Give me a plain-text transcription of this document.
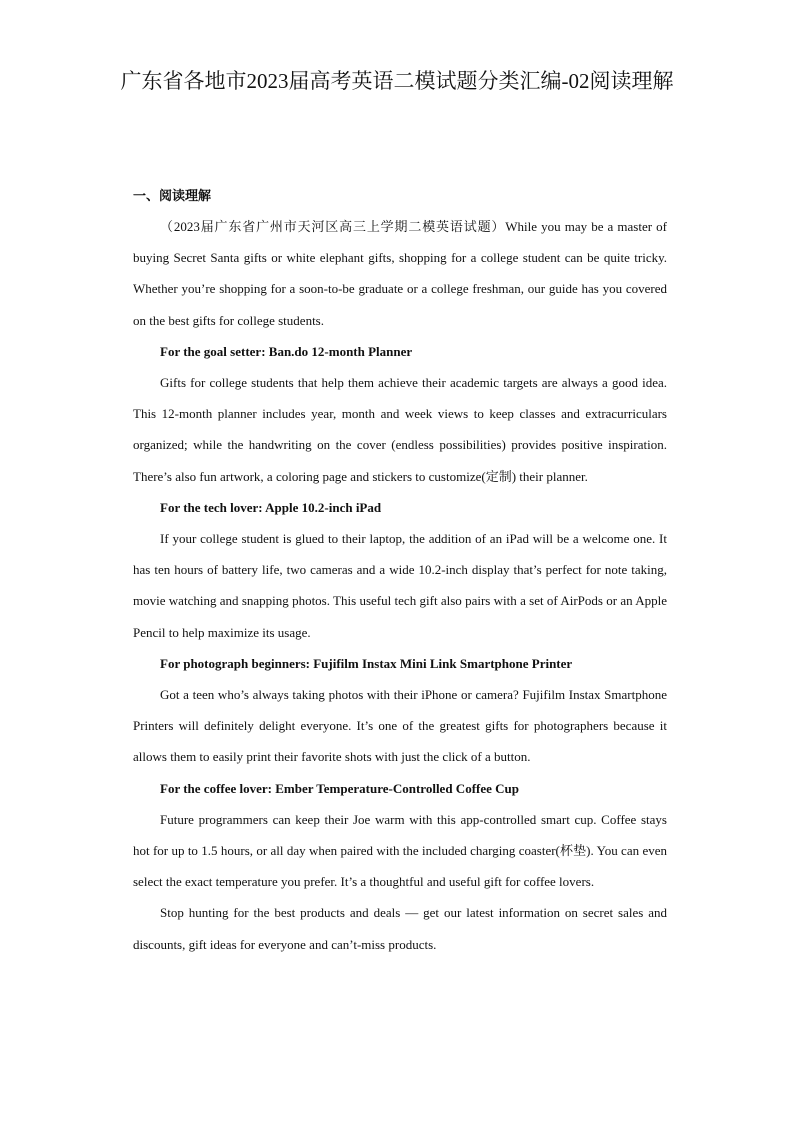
广东省各地市2023届高考英语二模试题分类汇编-02阅读理解
一、阅读理解

（2023届广东省广州市天河区高三上学期二模英语试题）While you may be a master of buying Secret Santa gifts or white elephant gifts, shopping for a college student can be quite tricky. Whether you’re shopping for a soon-to-be graduate or a college freshman, our guide has you covered on the best gifts for college students.

For the goal setter: Ban.do 12-month Planner

Gifts for college students that help them achieve their academic targets are always a good idea. This 12-month planner includes year, month and week views to keep classes and extracurriculars organized; while the handwriting on the cover (endless possibilities) provides positive inspiration. There’s also fun artwork, a coloring page and stickers to customize(定制) their planner.

For the tech lover: Apple 10.2-inch iPad

If your college student is glued to their laptop, the addition of an iPad will be a welcome one. It has ten hours of battery life, two cameras and a wide 10.2-inch display that’s perfect for note taking, movie watching and snapping photos. This useful tech gift also pairs with a set of AirPods or an Apple Pencil to help maximize its usage.

For photograph beginners: Fujifilm Instax Mini Link Smartphone Printer

Got a teen who’s always taking photos with their iPhone or camera? Fujifilm Instax Smartphone Printers will definitely delight everyone. It’s one of the greatest gifts for photographers because it allows them to easily print their favorite shots with just the click of a button.

For the coffee lover: Ember Temperature-Controlled Coffee Cup

Future programmers can keep their Joe warm with this app-controlled smart cup. Coffee stays hot for up to 1.5 hours, or all day when paired with the included charging coaster(杯垫). You can even select the exact temperature you prefer. It’s a thoughtful and useful gift for coffee lovers.

Stop hunting for the best products and deals — get our latest information on secret sales and discounts, gift ideas for everyone and can’t-miss products.
